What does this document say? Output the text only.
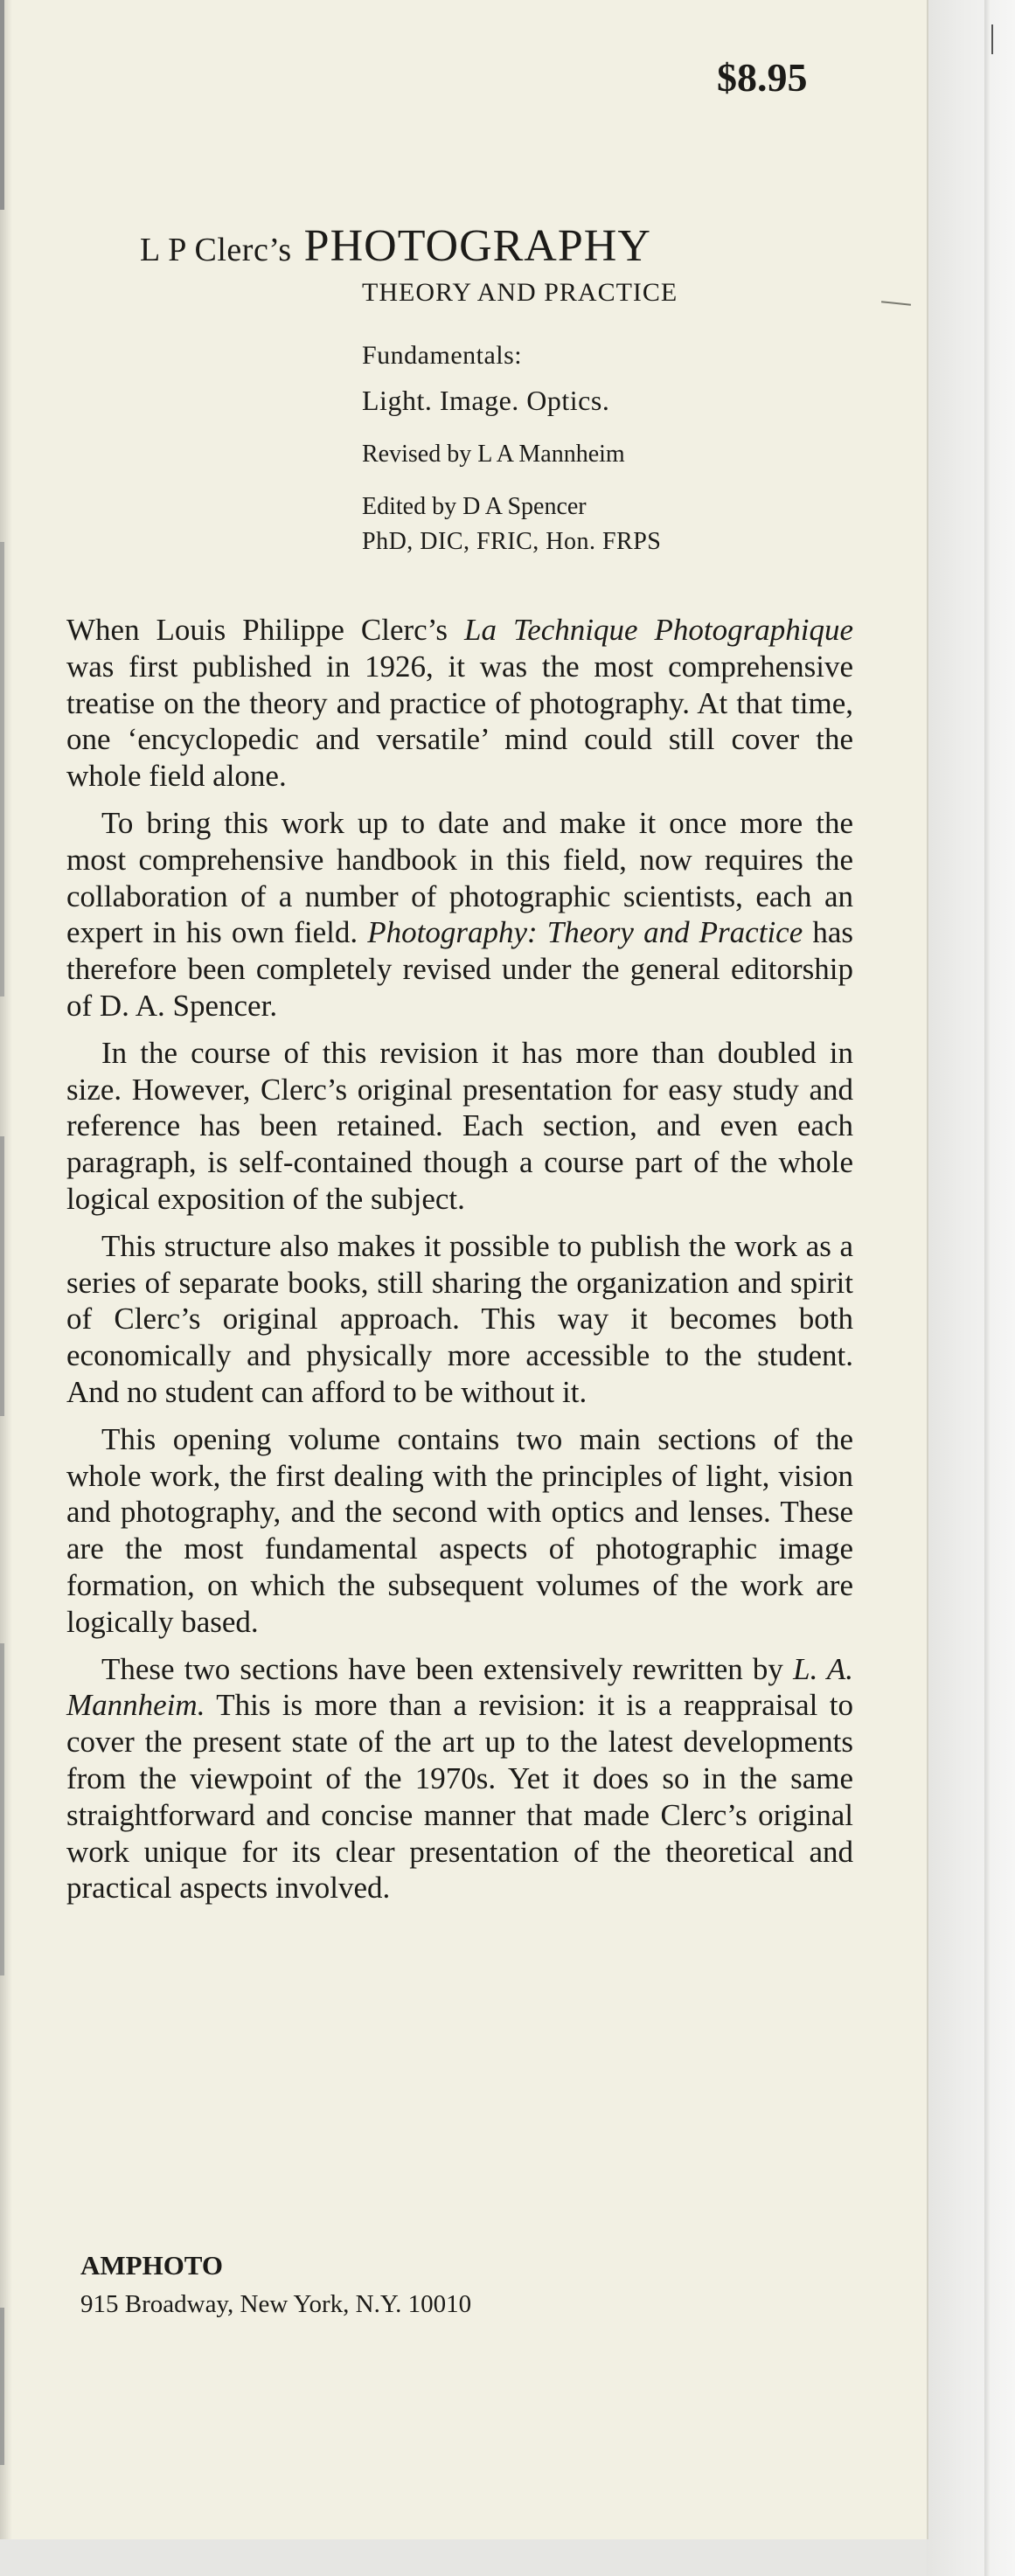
$8.95
L P Clerc’s PHOTOGRAPHY
THEORY AND PRACTICE
Fundamentals:
Light. Image. Optics.
Revised by L A Mannheim
Edited by D A Spencer
PhD, DIC, FRIC, Hon. FRPS

When Louis Philippe Clerc’s La Technique Photographique was first published in 1926, it was the most comprehensive treatise on the theory and practice of photography. At that time, one ‘encyclopedic and versatile’ mind could still cover the whole field alone.

To bring this work up to date and make it once more the most comprehensive handbook in this field, now requires the collaboration of a number of photographic scientists, each an expert in his own field. Photography: Theory and Practice has therefore been completely revised under the general editorship of D. A. Spencer.

In the course of this revision it has more than doubled in size. However, Clerc’s original presentation for easy study and reference has been retained. Each section, and even each paragraph, is self-contained though a course part of the whole logical exposition of the subject.

This structure also makes it possible to publish the work as a series of separate books, still sharing the organization and spirit of Clerc’s original approach. This way it becomes both economically and physically more accessible to the student. And no student can afford to be without it.

This opening volume contains two main sections of the whole work, the first dealing with the principles of light, vision and photography, and the second with optics and lenses. These are the most fundamental aspects of photographic image formation, on which the subsequent volumes of the work are logically based.

These two sections have been extensively rewritten by L. A. Mannheim. This is more than a revision: it is a reappraisal to cover the present state of the art up to the latest developments from the viewpoint of the 1970s. Yet it does so in the same straightforward and concise manner that made Clerc’s original work unique for its clear presentation of the theoretical and practical aspects involved.

AMPHOTO
915 Broadway, New York, N.Y. 10010
